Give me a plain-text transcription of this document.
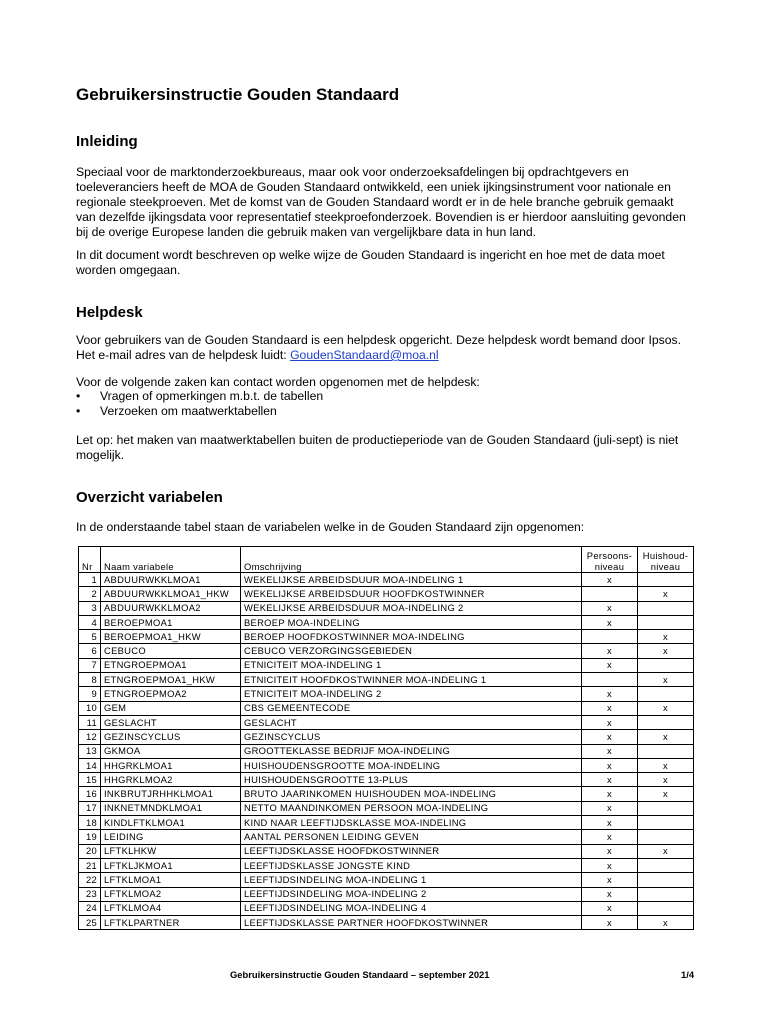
Gebruikersinstructie Gouden Standaard
Inleiding

Speciaal voor de marktonderzoekbureaus, maar ook voor onderzoeksafdelingen bij opdrachtgevers en toeleveranciers heeft de MOA de Gouden Standaard ontwikkeld, een uniek ijkingsinstrument voor nationale en regionale steekproeven. Met de komst van de Gouden Standaard wordt er in de hele branche gebruik gemaakt van dezelfde ijkingsdata voor representatief steekproefonderzoek. Bovendien is er hierdoor aansluiting gevonden bij de overige Europese landen die gebruik maken van vergelijkbare data in hun land.

In dit document wordt beschreven op welke wijze de Gouden Standaard is ingericht en hoe met de data moet worden omgegaan.

Helpdesk

Voor gebruikers van de Gouden Standaard is een helpdesk opgericht. Deze helpdesk wordt bemand door Ipsos. Het e-mail adres van de helpdesk luidt: GoudenStandaard@moa.nl

Voor de volgende zaken kan contact worden opgenomen met de helpdesk:

• Vragen of opmerkingen m.b.t. de tabellen
• Verzoeken om maatwerktabellen

Let op: het maken van maatwerktabellen buiten de productieperiode van de Gouden Standaard (juli-sept) is niet mogelijk.

Overzicht variabelen

In de onderstaande tabel staan de variabelen welke in de Gouden Standaard zijn opgenomen:

Nr	Naam variabele	Omschrijving	Persoons-niveau	Huishoud-niveau
1	ABDUURWKKLMOA1	WEKELIJKSE ARBEIDSDUUR MOA-INDELING 1	x	
2	ABDUURWKKLMOA1_HKW	WEKELIJKSE ARBEIDSDUUR HOOFDKOSTWINNER		x
3	ABDUURWKKLMOA2	WEKELIJKSE ARBEIDSDUUR MOA-INDELING 2	x	
4	BEROEPMOA1	BEROEP MOA-INDELING	x	
5	BEROEPMOA1_HKW	BEROEP HOOFDKOSTWINNER MOA-INDELING		x
6	CEBUCO	CEBUCO VERZORGINGSGEBIEDEN	x	x
7	ETNGROEPMOA1	ETNICITEIT MOA-INDELING 1	x	
8	ETNGROEPMOA1_HKW	ETNICITEIT HOOFDKOSTWINNER MOA-INDELING 1		x
9	ETNGROEPMOA2	ETNICITEIT MOA-INDELING 2	x	
10	GEM	CBS GEMEENTECODE	x	x
11	GESLACHT	GESLACHT	x	
12	GEZINSCYCLUS	GEZINSCYCLUS	x	x
13	GKMOA	GROOTTEKLASSE BEDRIJF MOA-INDELING	x	
14	HHGRKLMOA1	HUISHOUDENSGROOTTE MOA-INDELING	x	x
15	HHGRKLMOA2	HUISHOUDENSGROOTTE 13-PLUS	x	x
16	INKBRUTJRHHKLMOA1	BRUTO JAARINKOMEN HUISHOUDEN MOA-INDELING	x	x
17	INKNETMNDKLMOA1	NETTO MAANDINKOMEN PERSOON MOA-INDELING	x	
18	KINDLFTKLMOA1	KIND NAAR LEEFTIJDSKLASSE MOA-INDELING	x	
19	LEIDING	AANTAL PERSONEN LEIDING GEVEN	x	
20	LFTKLHKW	LEEFTIJDSKLASSE HOOFDKOSTWINNER	x	x
21	LFTKLJKMOA1	LEEFTIJDSKLASSE JONGSTE KIND	x	
22	LFTKLMOA1	LEEFTIJDSINDELING MOA-INDELING 1	x	
23	LFTKLMOA2	LEEFTIJDSINDELING MOA-INDELING 2	x	
24	LFTKLMOA4	LEEFTIJDSINDELING MOA-INDELING 4	x	
25	LFTKLPARTNER	LEEFTIJDSKLASSE PARTNER HOOFDKOSTWINNER	x	x
Gebruikersinstructie Gouden Standaard – september 2021	1/4
